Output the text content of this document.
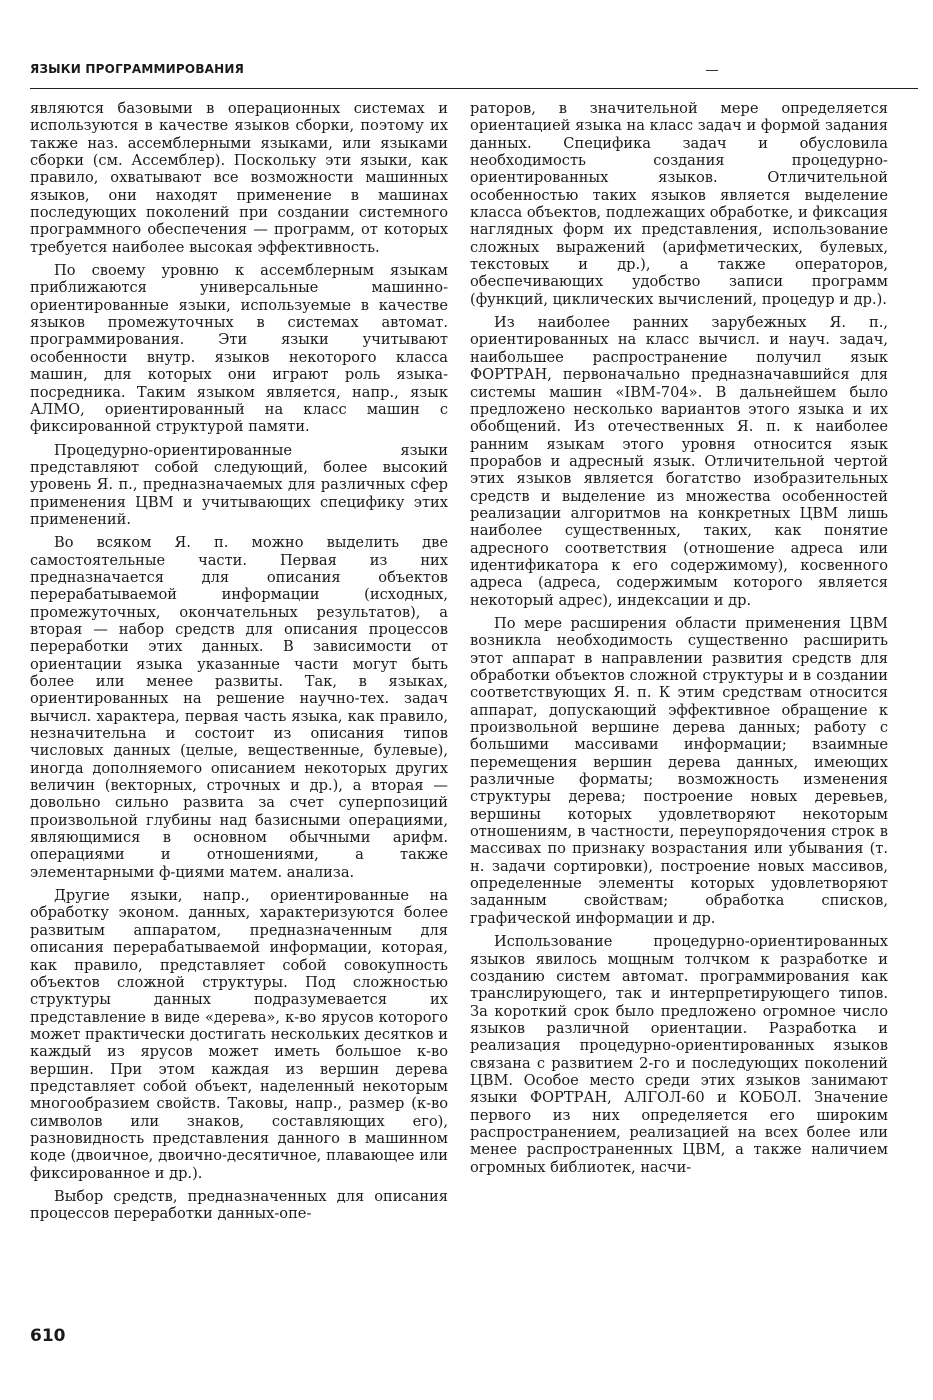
ЯЗЫКИ ПРОГРАММИРОВАНИЯ

являются базовыми в операционных системах и используются в качестве языков сборки, поэтому их также наз. ассемблерными языками, или языками сборки (см. Ассемблер). Поскольку эти языки, как правило, охватывают все возможности машинных языков, они находят применение в машинах последующих поколений при создании системного программного обеспечения — программ, от которых требуется наиболее высокая эффективность.

По своему уровню к ассемблерным языкам приближаются универсальные машинно-ориентированные языки, используемые в качестве языков промежуточных в системах автомат. программирования. Эти языки учитывают особенности внутр. языков некоторого класса машин, для которых они играют роль языка-посредника. Таким языком является, напр., язык АЛМО, ориентированный на класс машин с фиксированной структурой памяти.

Процедурно-ориентированные языки представляют собой следующий, более высокий уровень Я. п., предназначаемых для различных сфер применения ЦВМ и учитывающих специфику этих применений.

Во всяком Я. п. можно выделить две самостоятельные части. Первая из них предназначается для описания объектов перерабатываемой информации (исходных, промежуточных, окончательных результатов), а вторая — набор средств для описания процессов переработки этих данных. В зависимости от ориентации языка указанные части могут быть более или менее развиты. Так, в языках, ориентированных на решение научно-тех. задач вычисл. характера, первая часть языка, как правило, незначительна и состоит из описания типов числовых данных (целые, вещественные, булевые), иногда дополняемого описанием некоторых других величин (векторных, строчных и др.), а вторая — довольно сильно развита за счет суперпозиций произвольной глубины над базисными операциями, являющимися в основном обычными арифм. операциями и отношениями, а также элементарными ф-циями матем. анализа.

Другие языки, напр., ориентированные на обработку эконом. данных, характеризуются более развитым аппаратом, предназначенным для описания перерабатываемой информации, которая, как правило, представляет собой совокупность объектов сложной структуры. Под сложностью структуры данных подразумевается их представление в виде «дерева», к-во ярусов которого может практически достигать нескольких десятков и каждый из ярусов может иметь большое к-во вершин. При этом каждая из вершин дерева представляет собой объект, наделенный некоторым многообразием свойств. Таковы, напр., размер (к-во символов или знаков, составляющих его), разновидность представления данного в машинном коде (двоичное, двоично-десятичное, плавающее или фиксированное и др.).

Выбор средств, предназначенных для описания процессов переработки данных-опе-

раторов, в значительной мере определяется ориентацией языка на класс задач и формой задания данных. Специфика задач и обусловила необходимость создания процедурно-ориентированных языков. Отличительной особенностью таких языков является выделение класса объектов, подлежащих обработке, и фиксация наглядных форм их представления, использование сложных выражений (арифметических, булевых, текстовых и др.), а также операторов, обеспечивающих удобство записи программ (функций, циклических вычислений, процедур и др.).

Из наиболее ранних зарубежных Я. п., ориентированных на класс вычисл. и науч. задач, наибольшее распространение получил язык ФОРТРАН, первоначально предназначавшийся для системы машин «IBM-704». В дальнейшем было предложено несколько вариантов этого языка и их обобщений. Из отечественных Я. п. к наиболее ранним языкам этого уровня относится язык прорабов и адресный язык. Отличительной чертой этих языков является богатство изобразительных средств и выделение из множества особенностей реализации алгоритмов на конкретных ЦВМ лишь наиболее существенных, таких, как понятие адресного соответствия (отношение адреса или идентификатора к его содержимому), косвенного адреса (адреса, содержимым которого является некоторый адрес), индексации и др.

По мере расширения области применения ЦВМ возникла необходимость существенно расширить этот аппарат в направлении развития средств для обработки объектов сложной структуры и в создании соответствующих Я. п. К этим средствам относится аппарат, допускающий эффективное обращение к произвольной вершине дерева данных; работу с большими массивами информации; взаимные перемещения вершин дерева данных, имеющих различные форматы; возможность изменения структуры дерева; построение новых деревьев, вершины которых удовлетворяют некоторым отношениям, в частности, переупорядочения строк в массивах по признаку возрастания или убывания (т. н. задачи сортировки), построение новых массивов, определенные элементы которых удовлетворяют заданным свойствам; обработка списков, графической информации и др.

Использование процедурно-ориентированных языков явилось мощным толчком к разработке и созданию систем автомат. программирования как транслирующего, так и интерпретирующего типов. За короткий срок было предложено огромное число языков различной ориентации. Разработка и реализация процедурно-ориентированных языков связана с развитием 2-го и последующих поколений ЦВМ. Особое место среди этих языков занимают языки ФОРТРАН, АЛГОЛ-60 и КОБОЛ. Значение первого из них определяется его широким распространением, реализацией на всех более или менее распространенных ЦВМ, а также наличием огромных библиотек, насчи-

610
